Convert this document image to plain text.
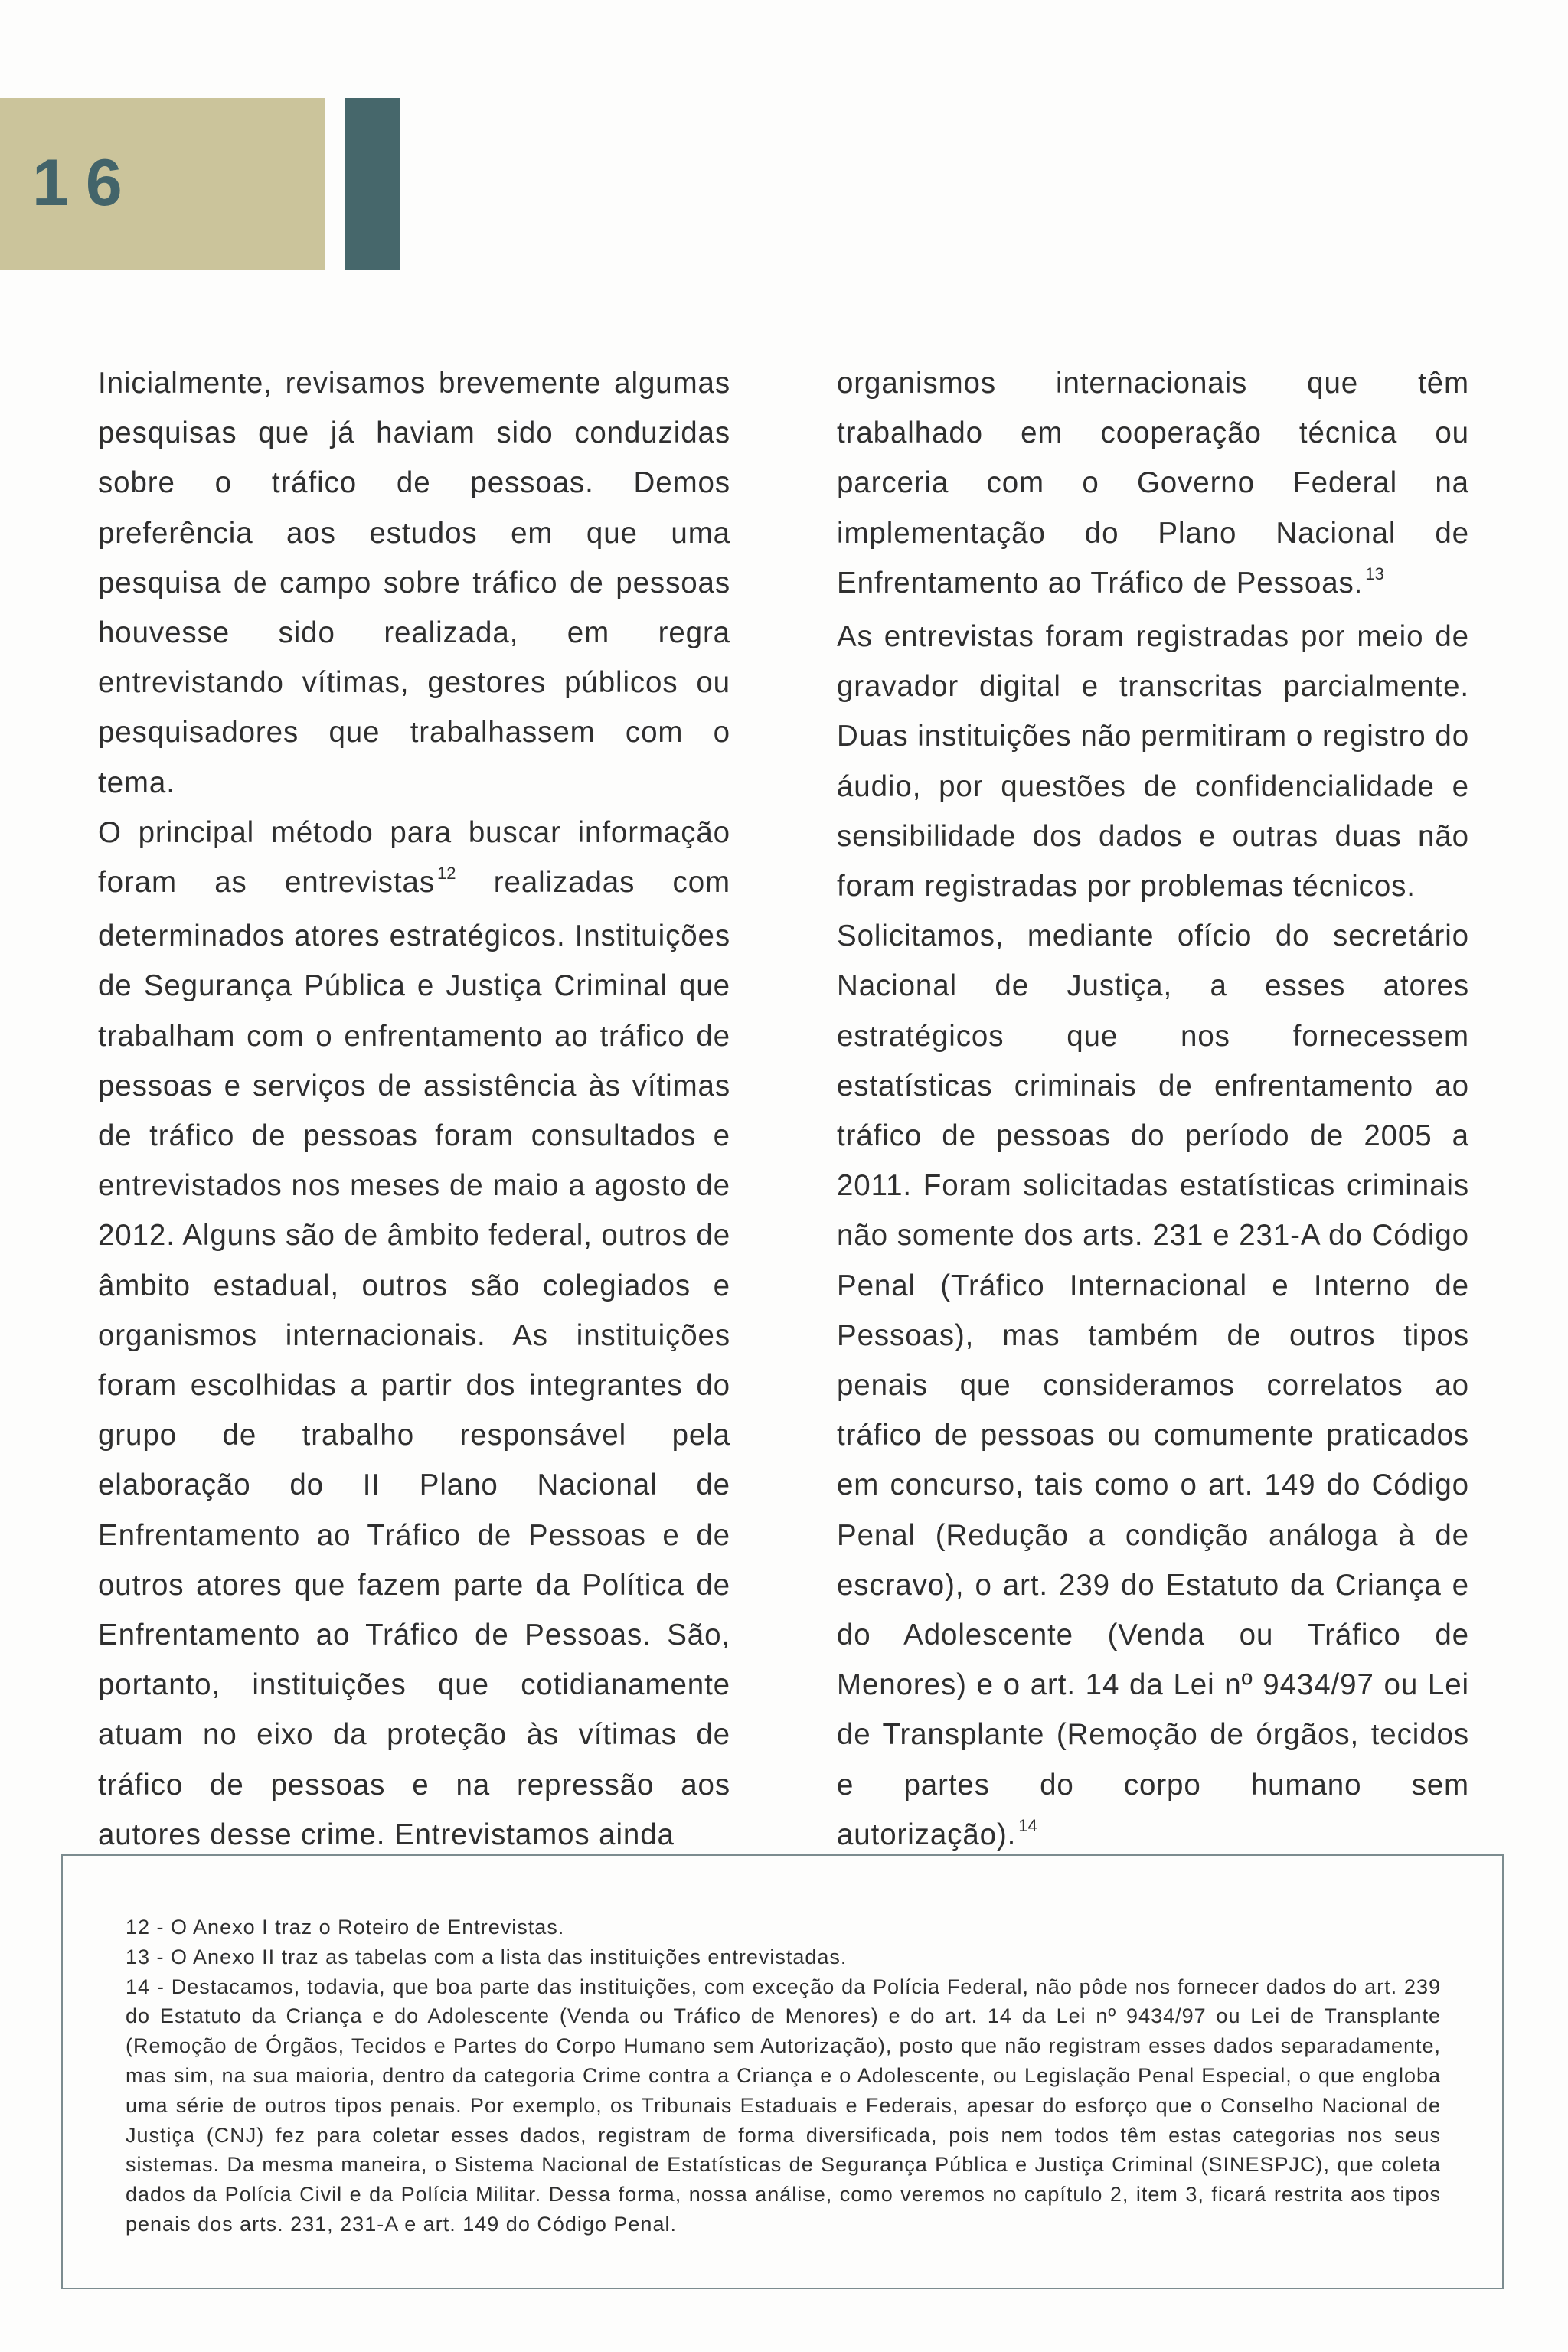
16

Inicialmente, revisamos brevemente algumas pesquisas que já haviam sido conduzidas sobre o tráfico de pessoas. Demos preferência aos estudos em que uma pesquisa de campo sobre tráfico de pessoas houvesse sido realizada, em regra entrevistando vítimas, gestores públicos ou pesquisadores que trabalhassem com o tema.

O principal método para buscar informação foram as entrevistas $^{12}$ realizadas com determinados atores estratégicos. Instituições de Segurança Pública e Justiça Criminal que trabalham com o enfrentamento ao tráfico de pessoas e serviços de assistência às vítimas de tráfico de pessoas foram consultados e entrevistados nos meses de maio a agosto de 2012. Alguns são de âmbito federal, outros de âmbito estadual, outros são colegiados e organismos internacionais. As instituições foram escolhidas a partir dos integrantes do grupo de trabalho responsável pela elaboração do II Plano Nacional de Enfrentamento ao Tráfico de Pessoas e de outros atores que fazem parte da Política de Enfrentamento ao Tráfico de Pessoas. São, portanto, instituições que cotidianamente atuam no eixo da proteção às vítimas de tráfico de pessoas e na repressão aos autores desse crime. Entrevistamos ainda

organismos internacionais que têm trabalhado em cooperação técnica ou parceria com o Governo Federal na implementação do Plano Nacional de Enfrentamento ao Tráfico de Pessoas. $^{13}$

As entrevistas foram registradas por meio de gravador digital e transcritas parcialmente. Duas instituições não permitiram o registro do áudio, por questões de confidencialidade e sensibilidade dos dados e outras duas não foram registradas por problemas técnicos.

Solicitamos, mediante ofício do secretário Nacional de Justiça, a esses atores estratégicos que nos fornecessem estatísticas criminais de enfrentamento ao tráfico de pessoas do período de 2005 a 2011. Foram solicitadas estatísticas criminais não somente dos arts. 231 e 231-A do Código Penal (Tráfico Internacional e Interno de Pessoas), mas também de outros tipos penais que consideramos correlatos ao tráfico de pessoas ou comumente praticados em concurso, tais como o art. 149 do Código Penal (Redução a condição análoga à de escravo), o art. 239 do Estatuto da Criança e do Adolescente (Venda ou Tráfico de Menores) e o art. 14 da Lei nº 9434/97 ou Lei de Transplante (Remoção de órgãos, tecidos e partes do corpo humano sem autorização). $^{14}$

12 - O Anexo I traz o Roteiro de Entrevistas.

13 - O Anexo II traz as tabelas com a lista das instituições entrevistadas.

14 - Destacamos, todavia, que boa parte das instituições, com exceção da Polícia Federal, não pôde nos fornecer dados do art. 239 do Estatuto da Criança e do Adolescente (Venda ou Tráfico de Menores) e do art. 14 da Lei nº 9434/97 ou Lei de Transplante (Remoção de Órgãos, Tecidos e Partes do Corpo Humano sem Autorização), posto que não registram esses dados separadamente, mas sim, na sua maioria, dentro da categoria Crime contra a Criança e o Adolescente, ou Legislação Penal Especial, o que engloba uma série de outros tipos penais. Por exemplo, os Tribunais Estaduais e Federais, apesar do esforço que o Conselho Nacional de Justiça (CNJ) fez para coletar esses dados, registram de forma diversificada, pois nem todos têm estas categorias nos seus sistemas. Da mesma maneira, o Sistema Nacional de Estatísticas de Segurança Pública e Justiça Criminal (SINESPJC), que coleta dados da Polícia Civil e da Polícia Militar. Dessa forma, nossa análise, como veremos no capítulo 2, item 3, ficará restrita aos tipos penais dos arts. 231, 231-A e art. 149 do Código Penal.
